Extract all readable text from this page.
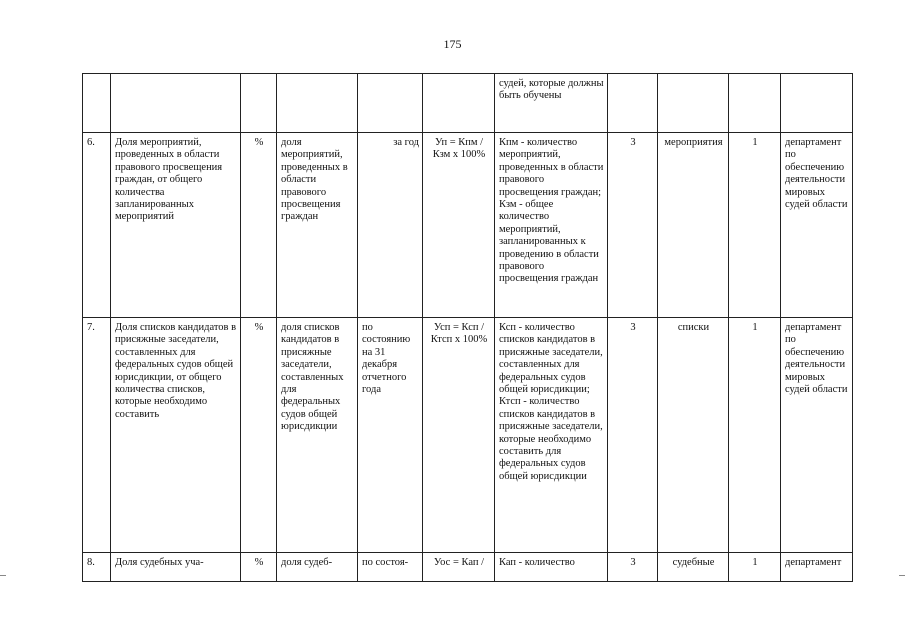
175
						судей, которые должны быть обучены				
6.	Доля мероприятий, проведенных в области правового просвещения граждан, от общего количества запланированных мероприятий	%	доля мероприятий, проведенных в области правового просвещения граждан	за год	Уп = Кпм / Кзм х 100%	Кпм - количество мероприятий, проведенных в области правового просвещения граждан; Кзм - общее количество мероприятий, запланированных к проведению в области правового просвещения граждан	3	мероприятия	1	департамент по обеспечению деятельности мировых судей области
7.	Доля списков кандидатов в присяжные заседатели, составленных для федеральных судов общей юрисдикции, от общего количества списков, которые необходимо составить	%	доля списков кандидатов в присяжные заседатели, составленных для федеральных судов общей юрисдикции	по состоянию на 31 декабря отчетного года	Усп = Ксп / Ктсп х 100%	Ксп - количество списков кандидатов в присяжные заседатели, составленных для федеральных судов общей юрисдикции; Ктсп - количество списков кандидатов в присяжные заседатели, которые необходимо составить для федеральных судов общей юрисдикции	3	списки	1	департамент по обеспечению деятельности мировых судей области
8.	Доля судебных уча-	%	доля судеб-	по состоя-	Уос = Кап /	Кап - количество	3	судебные	1	департамент
